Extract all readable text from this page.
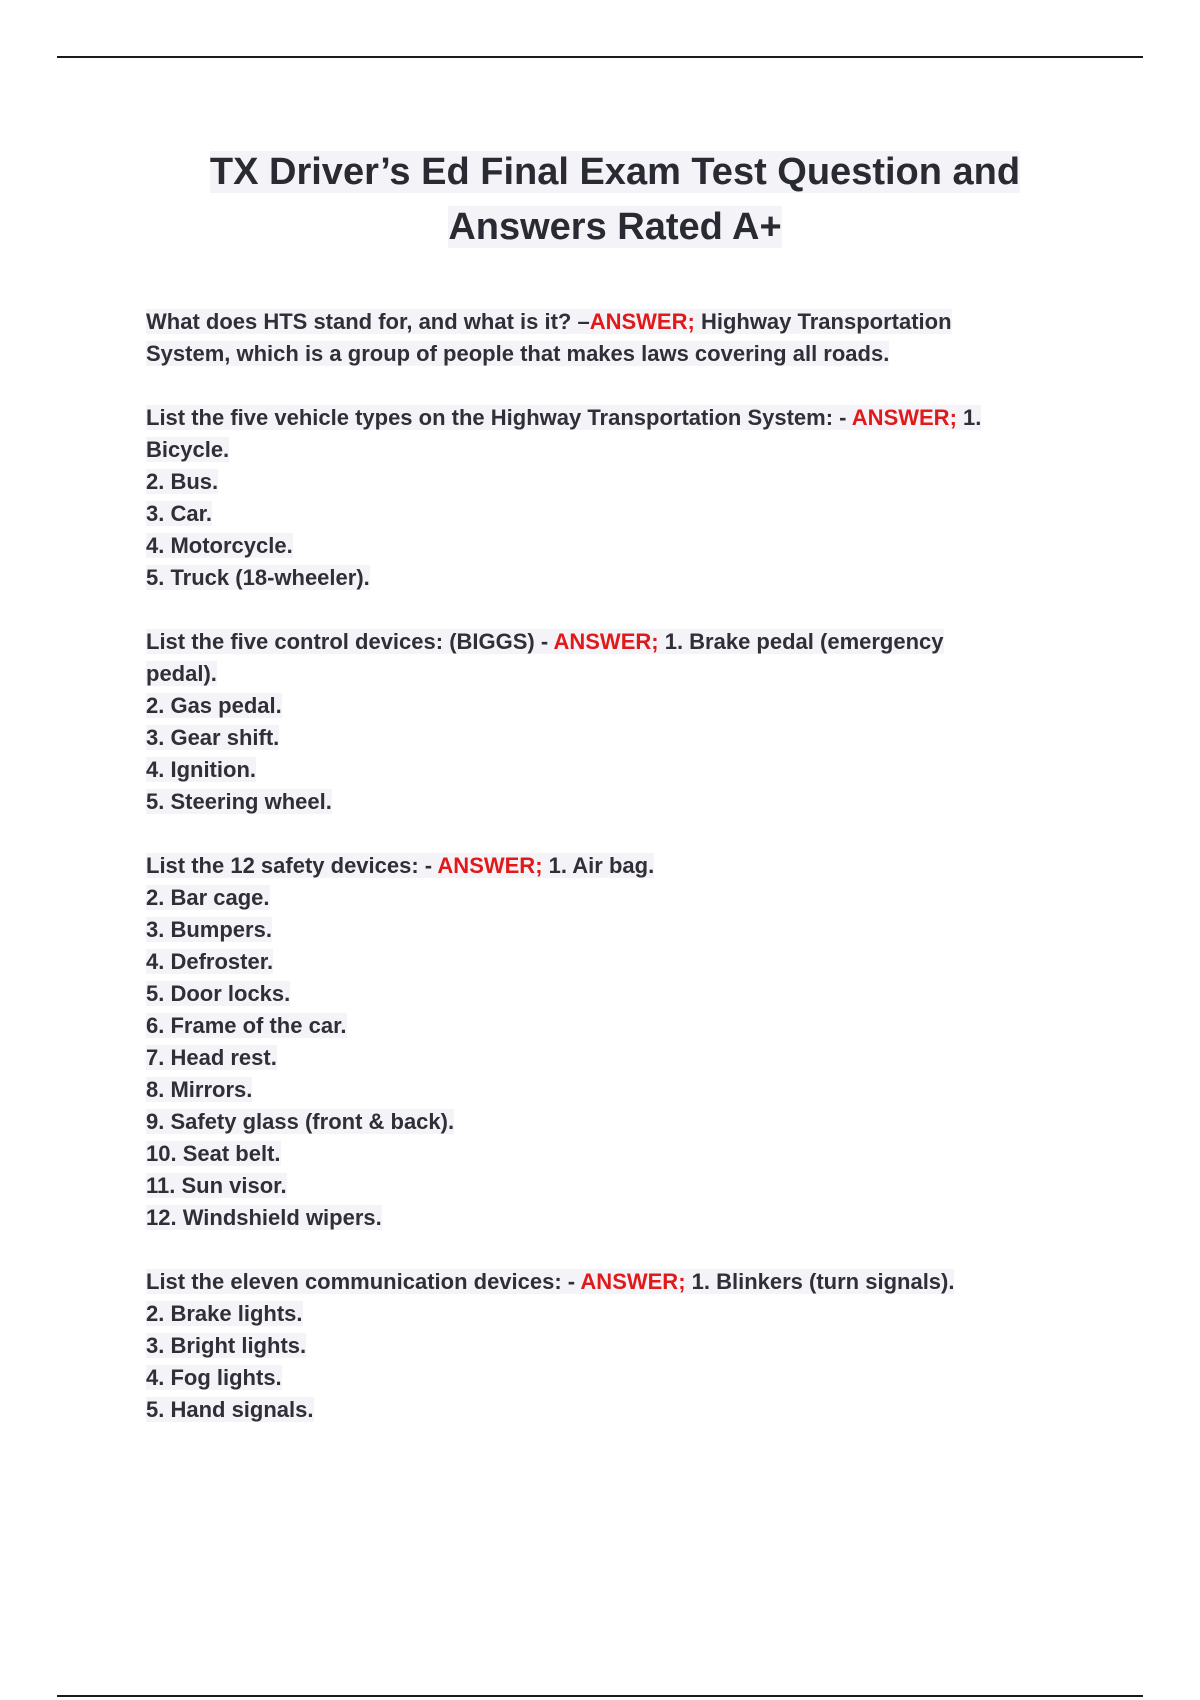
TX Driver’s Ed Final Exam Test Question and
Answers Rated A+
What does HTS stand for, and what is it? –ANSWER; Highway Transportation
System, which is a group of people that makes laws covering all roads.
List the five vehicle types on the Highway Transportation System: - ANSWER; 1.
Bicycle.
2. Bus.
3. Car.
4. Motorcycle.
5. Truck (18-wheeler).
List the five control devices: (BIGGS) - ANSWER; 1. Brake pedal (emergency
pedal).
2. Gas pedal.
3. Gear shift.
4. Ignition.
5. Steering wheel.
List the 12 safety devices: - ANSWER; 1. Air bag.
2. Bar cage.
3. Bumpers.
4. Defroster.
5. Door locks.
6. Frame of the car.
7. Head rest.
8. Mirrors.
9. Safety glass (front & back).
10. Seat belt.
11. Sun visor.
12. Windshield wipers.
List the eleven communication devices: - ANSWER; 1. Blinkers (turn signals).
2. Brake lights.
3. Bright lights.
4. Fog lights.
5. Hand signals.
